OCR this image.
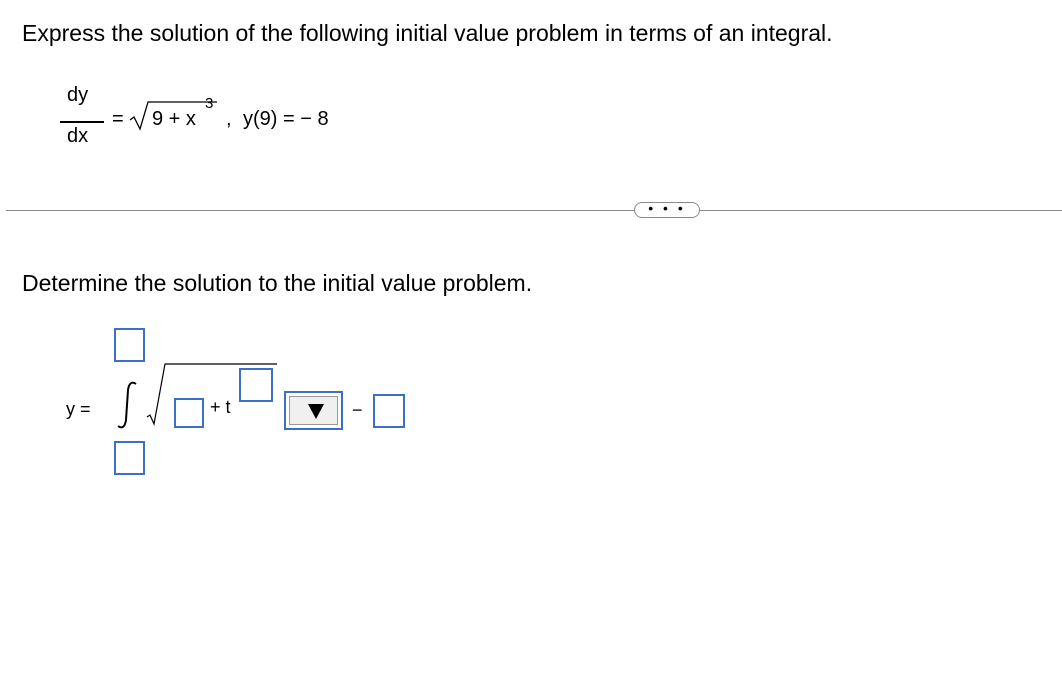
Express the solution of the following initial value problem in terms of an integral.
dy
dx
= 9 + x
3
, y(9) = − 8
• • •
Determine the solution to the initial value problem.
y =	+ t	−
